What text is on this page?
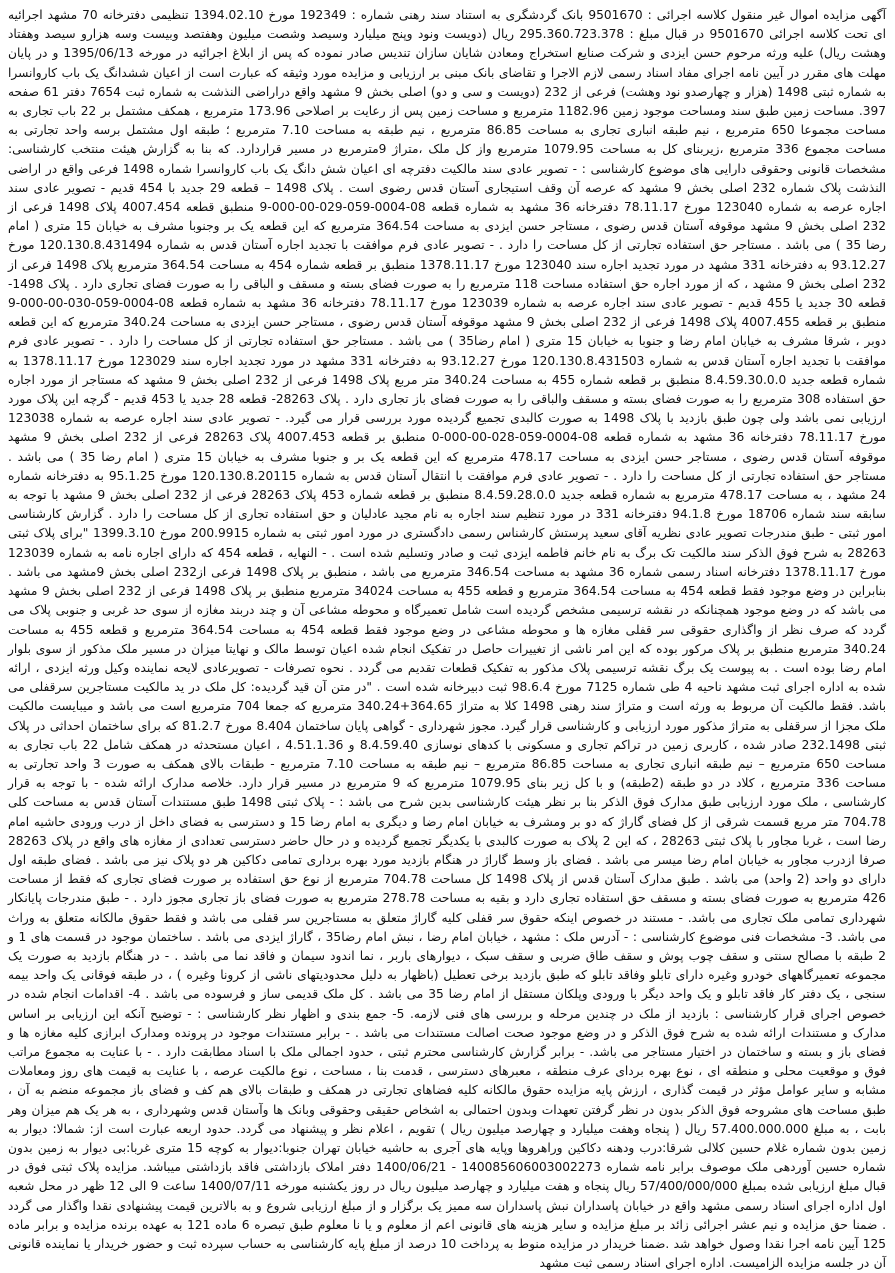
آگهی مزایده اموال غیر منقول کلاسه اجرائی : 9501670 بانک گردشگری به استناد سند رهنی شماره : 192349 مورخ 1394.02.10 تنظیمی دفترخانه 70 مشهد اجرائیه ای تحت کلاسه اجرائی 9501670 در قبال مبلغ : 295.360.723.378 ریال (دویست ونود وپنج میلیارد وسیصد وشصت میلیون وهفتصد وبیست وسه هزارو سیصد وهفتاد وهشت ریال) علیه ورثه مرحوم حسن ایزدی و شرکت صنایع استخراج ومعادن شایان سازان تندیس صادر نموده که پس از ابلاغ اجرائیه در مورخه 1395/06/13 و در پایان مهلت های مقرر در آیین نامه اجرای مفاد اسناد رسمی لازم الاجرا و تقاضای بانک مبنی بر ارزیابی و مزایده مورد وثیقه که عبارت است از اعیان ششدانگ یک باب کاروانسرا به شماره ثبتی 1498 (هزار و چهارصدو نود وهشت) فرعی از 232 (دویست و سی و دو) اصلی بخش 9 مشهد واقع دراراضی النذشت به شماره ثبت 7654 دفتر 61 صفحه 397. مساحت زمین طبق سند ومساحت موجود زمین 1182.96 مترمربع و مساحت زمین پس از رعایت بر اصلاحی 173.96 مترمربع ، همکف مشتمل بر 22 باب تجاری به مساحت مجموعا 650 مترمربع ، نیم طبقه انباری تجاری به مساحت 86.85 مترمربع ، نیم طبقه به مساحت 7.10 مترمربع ؛ طبقه اول مشتمل برسه واحد تجارتی به مساحت مجموع 336 مترمربع ،زیربنای کل به مساحت 1079.95 مترمربع واز کل ملک ،متراژ 9مترمربع در مسیر قراردارد. که بنا به گزارش هیئت منتخب کارشناسی: مشخصات قانونی وحقوقی دارایی های موضوع کارشناسی : - تصویر عادی سند مالکیت دفترچه ای اعیان شش دانگ یک باب کاروانسرا شماره 1498 فرعی واقع در اراضی النذشت پلاک شماره 232 اصلی بخش 9 مشهد که عرصه آن وقف استیجاری آستان قدس رضوی است . پلاک 1498 – قطعه 29 جدید با 454 قدیم - تصویر عادی سند اجاره عرصه به شماره 123040 مورخ 78.11.17 دفترخانه 36 مشهد به شماره قطعه 08-0004-059-029-00-000-9 منطبق قطعه 4007.454 پلاک 1498 فرعی از 232 اصلی بخش 9 مشهد موقوفه آستان قدس رضوی ، مستاجر حسن ایزدی به مساحت 364.54 مترمربع که این قطعه یک بر وجنوبا مشرف به خیابان 15 متری ( امام رضا 35 ) می باشد . مستاجر حق استفاده تجارتی از کل مساحت را دارد . - تصویر عادی فرم موافقت با تجدید اجاره آستان قدس به شماره 120.130.8.431494 مورخ 93.12.27 به دفترخانه 331 مشهد در مورد تجدید اجاره سند 123040 مورخ 1378.11.17 منطبق بر قطعه شماره 454 به مساحت 364.54 مترمربع پلاک 1498 فرعی از 232 اصلی بخش 9 مشهد ، که از مورد اجاره حق استفاده مساحت 118 مترمربع را به صورت فضای بسته و مسقف و الباقی را به صورت فضای تجاری دارد . پلاک 1498- قطعه 30 جدید یا 455 قدیم - تصویر عادی سند اجاره عرصه به شماره 123039 مورخ 78.11.17 دفترخانه 36 مشهد به شماره قطعه 08-0004-059-030-00-000-9 منطبق بر قطعه 4007.455 پلاک 1498 فرعی از 232 اصلی بخش 9 مشهد موقوفه آستان قدس رضوی ، مستاجر حسن ایزدی به مساحت 340.24 مترمربع که این قطعه دوبر ، شرقا مشرف به خیابان امام رضا و جنوبا به خیابان 15 متری ( امام رضا35 ) می باشد . مستاجر حق استفاده تجارتی از کل مساحت را دارد . - تصویر عادی فرم موافقت با تجدید اجاره آستان قدس به شماره 120.130.8.431503 مورخ 93.12.27 به دفترخانه 331 مشهد در مورد تجدید اجاره سند 123029 مورخ 1378.11.17 به شماره قطعه جدید 8.4.59.30.0.0 منطبق بر قطعه شماره 455 به مساحت 340.24 متر مربع پلاک 1498 فرعی از 232 اصلی بخش 9 مشهد که مستاجر از مورد اجاره حق استفاده 308 مترمربع را به صورت فضای بسته و مسقف والباقی را به صورت فضای باز تجاری دارد . پلاک 28263- قطعه 28 جدید یا 453 قدیم - گرچه این پلاک مورد ارزیابی نمی باشد ولی چون طبق بازدید با پلاک 1498 به صورت کالبدی تجمیع گردیده مورد بررسی قرار می گیرد. - تصویر عادی سند اجاره عرصه به شماره 123038 مورخ 78.11.17 دفترخانه 36 مشهد به شماره قطعه 08-0004-059-028-00-000-0 منطبق بر قطعه 4007.453 پلاک 28263 فرعی از 232 اصلی بخش 9 مشهد موقوفه آستان قدس رضوی ، مستاجر حسن ایزدی به مساحت 478.17 مترمربع که این قطعه یک بر و جنوبا مشرف به خیابان 15 متری ( امام رضا 35 ) می باشد . مستاجر حق استفاده تجارتی از کل مساحت را دارد . - تصویر عادی فرم موافقت با انتقال آستان قدس به شماره 120.130.8.20115 مورخ 95.1.25 به دفترخانه شماره 24 مشهد ، به مساحت 478.17 مترمربع به شماره قطعه جدید 8.4.59.28.0.0 منطبق بر قطعه شماره 453 پلاک 28263 فرعی از 232 اصلی بخش 9 مشهد با توجه به سابقه سند شماره 18706 مورخ 94.1.8 دفترخانه 331 در مورد تنظیم سند اجاره به نام مجید عادلیان و حق استفاده تجاری از کل مساحت را دارد . گزارش کارشناسی امور ثبتی - طبق مندرجات تصویر عادی نظریه آقای سعید پرستش کارشناس رسمی دادگستری در مورد امور ثبتی به شماره 200.9915 مورخ 1399.3.10 "برای پلاک ثبتی 28263 به شرح فوق الذکر سند مالکیت تک برگ به نام خانم فاطمه ایزدی ثبت و صادر وتسلیم شده است . - النهایه ، قطعه 454 که دارای اجاره نامه به شماره 123039 مورخ 1378.11.17 دفترخانه اسناد رسمی شماره 36 مشهد به مساحت 346.54 مترمربع می باشد ، منطبق بر پلاک 1498 فرعی از232 اصلی بخش 9مشهد می باشد . بنابراین در وضع موجود فقط قطعه 454 به مساحت 364.54 مترمربع و قطعه 455 به مساحت 34024 مترمربع منطبق بر پلاک 1498 فرعی از 232 اصلی بخش 9 مشهد می باشد که در وضع موجود همچنانکه در نقشه ترسیمی مشخص گردیده است شامل تعمیرگاه و محوطه مشاعی آن و چند دربند مغازه از سوی حد غربی و جنوبی پلاک می گردد که صرف نظر از واگذاری حقوقی سر قفلی مغازه ها و محوطه مشاعی در وضع موجود فقط قطعه 454 به مساحت 364.54 مترمربع و قطعه 455 به مساحت 340.24 مترمربع منطبق بر پلاک مرکور بوده که این امر ناشی از تغییرات حاصل در تفکیک انجام شده اعیان توسط مالک و نهایتا میزان در مسیر ملک مذکور از سوی بلوار امام رضا بوده است . به پیوست یک برگ نقشه ترسیمی پلاک مذکور به تفکیک قطعات تقدیم می گردد . نحوه تصرفات - تصویرعادی لایحه نماینده وکیل ورثه ایزدی ، ارائه شده به اداره اجرای ثبت مشهد ناحیه 4 طی شماره 7125 مورخ 98.6.4 ثبت دبیرخانه شده است . "در متن آن قید گردیده: کل ملک در ید مالکیت مستاجرین سرقفلی می باشد. فقط مالکیت آن مربوط به ورثه است و متراژ سند رهنی 1498 کلا به متراژ 364.65+340.24 مترمربع که جمعا 704 مترمربع است می باشد و میبایست مالکیت ملک مجزا از سرقفلی به متراژ مذکور مورد ارزیابی و کارشناسی قرار گیرد. مجوز شهرداری - گواهی پایان ساختمان 8.404 مورخ 81.2.7 که برای ساختمان احداثی در پلاک ثبتی 232.1498 صادر شده ، کاربری زمین در تراکم تجاری و مسکونی با کدهای نوسازی 8.4.59.40 و 4.51.1.36 ، اعیان مستحدثه در همکف شامل 22 باب تجاری به مساحت 650 مترمربع – نیم طبقه انباری تجاری به مساحت 86.85 مترمربع – نیم طبقه به مساحت 7.10 مترمربع - طبقات بالای همکف به صورت 3 واحد تجارتی به مساحت 336 مترمربع ، کلاد در دو طبقه (2طبقه) و با کل زیر بنای 1079.95 مترمربع که 9 مترمربع در مسیر قرار دارد. خلاصه مدارک ارائه شده - با توجه به قرار کارشناسی ، ملک مورد ارزیابی طبق مدارک فوق الذکر بنا بر نظر هیئت کارشناسی بدین شرح می باشد : - پلاک ثبتی 1498 طبق مستندات آستان قدس به مساحت کلی 704.78 متر مربع قسمت شرقی از کل فضای گاراژ که دو بر ومشرف به خیابان امام رضا و دیگری به امام رضا 15 و دسترسی به فضای داخل از درب ورودی حاشیه امام رضا است ، غربا مجاور با پلاک ثبتی 28263 ، که این 2 پلاک به صورت کالبدی با یکدیگر تجمیع گردیده و در حال حاضر دسترسی تعدادی از مغازه های واقع در پلاک 28263 صرفا ازدرب مجاور به خیابان امام رضا میسر می باشد . فضای باز وسط گاراژ در هنگام بازدید مورد بهره برداری تمامی دکاکین هر دو پلاک نیز می باشد . فضای طبقه اول دارای دو واحد (2 واحد) می باشد . طبق مدارک آستان قدس از پلاک 1498 کل مساحت 704.78 مترمربع از نوع حق استفاده بر صورت فضای تجاری که فقط از مساحت 426 مترمربع به صورت فضای بسته و مسقف حق استفاده تجاری دارد و بقیه به مساحت 278.78 مترمربع به صورت فضای باز تجاری مجوز دارد . - طبق مندرجات پایانکار شهرداری تمامی ملک تجاری می باشد. - مستند در خصوص اینکه حقوق سر قفلی کلیه گاراژ متعلق به مستاجرین سر قفلی می باشد و فقط حقوق مالکانه متعلق به وراث می باشد. 3- مشخصات فنی موضوع کارشناسی : - آدرس ملک : مشهد ، خیابان امام رضا ، نبش امام رضا35 ، گاراژ ایزدی می باشد . ساختمان موجود در قسمت های 1 و 2 طبقه با مصالح سنتی و سقف چوب پوش و سقف طاق ضربی و سقف سبک ، دیوارهای باربر ، نما اندود سیمان و فاقد نما می باشد . - در هنگام بازدید به صورت یک مجموعه تعمیرگاههای خودرو وغیره دارای تابلو وفاقد تابلو که طبق بازدید برخی تعطیل (باظهار به دلیل محدودیتهای ناشی از کرونا وغیره ) ، در طبقه فوقانی یک واحد بیمه سنجی ، یک دفتر کار فاقد تابلو و یک واحد دیگر با ورودی وپلکان مستقل از امام رضا 35 می باشد . کل ملک قدیمی ساز و فرسوده می باشد . 4- اقدامات انجام شده در خصوص اجرای قرار کارشناسی : بازدید از ملک در چندین مرحله و بررسی های فنی لازمه. 5- جمع بندی و اظهار نظر کارشناسی : - توضیح آنکه این ارزیابی بر اساس مدارک و مستندات ارائه شده به شرح فوق الذکر و در وضع موجود صحت اصالت مستندات می باشد . - برابر مستندات موجود در پرونده ومدارک ابرازی کلیه مغازه ها و فضای باز و بسته و ساختمان در اختیار مستاجر می باشد. - برابر گزارش کارشناسی محترم ثبتی ، حدود اجمالی ملک با اسناد مطابقت دارد . - با عنایت به مجموع مراتب فوق و موقعیت محلی و منطقه ای ، نوع بهره بردای عرف منطقه ، معبرهای دسترسی ، قدمت بنا ، مساحت ، نوع مالکیت عرصه ، با عنایت به قیمت های روز ومعاملات مشابه و سایر عوامل مؤثر در قیمت گذاری ، ارزش پایه مزایده حقوق مالکانه کلیه فضاهای تجارتی در همکف و طبقات بالای هم کف و فضای باز مجموعه منضم به آن ، طبق مساحت های مشروحه فوق الذکر بدون در نظر گرفتن تعهدات وبدون احتمالی به اشخاص حقیقی وحقوقی وبانک ها وآستان قدس وشهرداری ، به هر یک هم میزان وهر بابت ، به مبلغ 57.400.000.000 ریال ( پنجاه وهفت میلیارد و چهارصد میلیون ریال ) تقویم ، اعلام نظر و پیشنهاد می گردد. حدود اربعه عبارت است از: شمالا: دیوار به زمین بدون شماره غلام حسین کلالی شرقا:درب ودهنه دکاکین وراهروها وپایه های آجری به حاشیه خیابان تهران جنوبا:دیوار به کوچه 15 متری غربا:بی دیوار به زمین بدون شماره حسین آوردهی ملک موصوف برابر نامه شماره 140085606003002273 - 1400/06/21 دفتر املاک بازداشتی فاقد بازداشتی میباشد. مزایده پلاک ثبتی فوق در قبال مبلغ ارزیابی شده بمبلغ 57/400/000/000 ریال پنجاه و هفت میلیارد و چهارصد میلیون ریال در روز یکشنبه مورخه 1400/07/11 ساعت 9 الی 12 ظهر در محل شعبه اول اداره اجرای اسناد رسمی مشهد واقع در خیابان پاسداران نبش پاسداران سه ممیز یک برگزار و از مبلغ ارزیابی شروع و به بالاترین قیمت پیشنهادی نقدا واگذار می گردد . ضمنا حق مزایده و نیم عشر اجرائی زائد بر مبلغ مزایده و سایر هزینه های قانونی اعم از معلوم و یا نا معلوم طبق تبصره 6 ماده 121 به عهده برنده مزایده و برابر ماده 125 آیین نامه اجرا نقدا وصول خواهد شد .ضمنا خریدار در مزایده منوط به پرداخت 10 درصد از مبلغ پایه کارشناسی به حساب سپرده ثبت و حضور خریدار یا نماینده قانونی آن در جلسه مزایده الزامیست. اداره اجرای اسناد رسمی ثبت مشهد
